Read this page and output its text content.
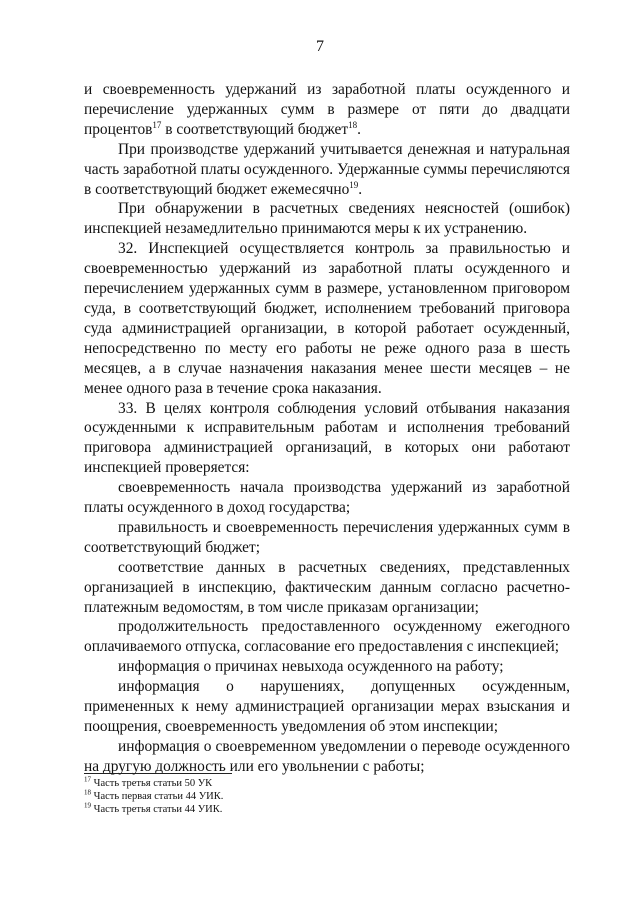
7

и своевременность удержаний из заработной платы осужденного и перечисление удержанных сумм в размере от пяти до двадцати процентов$^{17}$ в соответствующий бюджет$^{18}$.

При производстве удержаний учитывается денежная и натуральная часть заработной платы осужденного. Удержанные суммы перечисляются в соответствующий бюджет ежемесячно$^{19}$.

При обнаружении в расчетных сведениях неясностей (ошибок) инспекцией незамедлительно принимаются меры к их устранению.

32. Инспекцией осуществляется контроль за правильностью и своевременностью удержаний из заработной платы осужденного и перечислением удержанных сумм в размере, установленном приговором суда, в соответствующий бюджет, исполнением требований приговора суда администрацией организации, в которой работает осужденный, непосредственно по месту его работы не реже одного раза в шесть месяцев, а в случае назначения наказания менее шести месяцев – не менее одного раза в течение срока наказания.

33. В целях контроля соблюдения условий отбывания наказания осужденными к исправительным работам и исполнения требований приговора администрацией организаций, в которых они работают инспекцией проверяется:

своевременность начала производства удержаний из заработной платы осужденного в доход государства;

правильность и своевременность перечисления удержанных сумм в соответствующий бюджет;

соответствие данных в расчетных сведениях, представленных организацией в инспекцию, фактическим данным согласно расчетно-платежным ведомостям, в том числе приказам организации;

продолжительность предоставленного осужденному ежегодного оплачиваемого отпуска, согласование его предоставления с инспекцией;

информация о причинах невыхода осужденного на работу;

информация о нарушениях, допущенных осужденным, примененных к нему администрацией организации мерах взыскания и поощрения, своевременность уведомления об этом инспекции;

информация о своевременном уведомлении о переводе осужденного на другую должность или его увольнении с работы;

$^{17}$ Часть третья статьи 50 УК
$^{18}$ Часть первая статьи 44 УИК.
$^{19}$ Часть третья статьи 44 УИК.
